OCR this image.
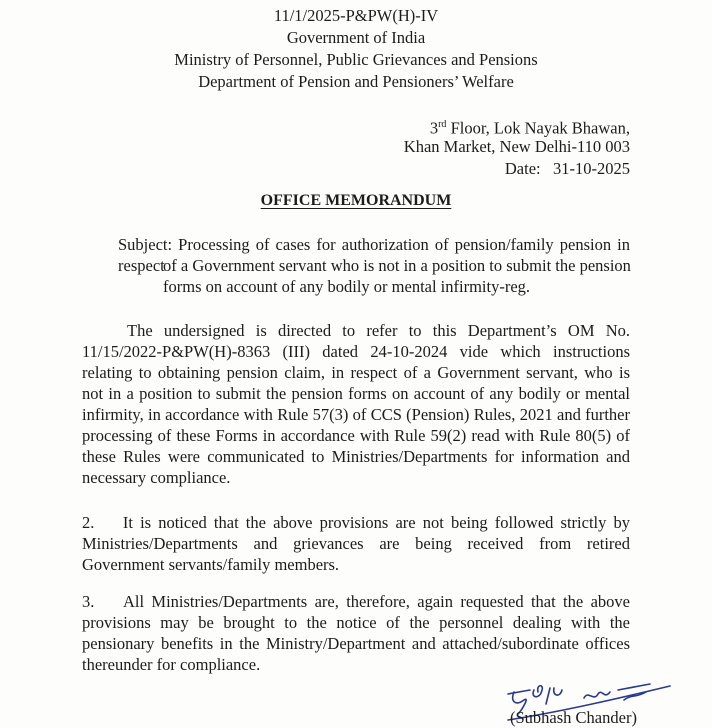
11/1/2025-P&PW(H)-IV
Government of India
Ministry of Personnel, Public Grievances and Pensions
Department of Pension and Pensioners’ Welfare
3rd Floor, Lok Nayak Bhawan,
Khan Market, New Delhi-110 003
Date:   31-10-2025
OFFICE MEMORANDUM
Subject: Processing of cases for authorization of pension/family pension in respect
of a Government servant who is not in a position to submit the pension
forms on account of any bodily or mental infirmity-reg.
The undersigned is directed to refer to this Department’s OM No.
11/15/2022-P&PW(H)-8363 (III) dated 24-10-2024 vide which instructions
relating to obtaining pension claim, in respect of a Government servant, who is
not in a position to submit the pension forms on account of any bodily or mental
infirmity, in accordance with Rule 57(3) of CCS (Pension) Rules, 2021 and further
processing of these Forms in accordance with Rule 59(2) read with Rule 80(5) of
these Rules were communicated to Ministries/Departments for information and
necessary compliance.
2.    It is noticed that the above provisions are not being followed strictly by
Ministries/Departments and grievances are being received from retired
Government servants/family members.
3.    All Ministries/Departments are, therefore, again requested that the above
provisions may be brought to the notice of the personnel dealing with the
pensionary benefits in the Ministry/Department and attached/subordinate offices
thereunder for compliance.
(Subhash Chander)
